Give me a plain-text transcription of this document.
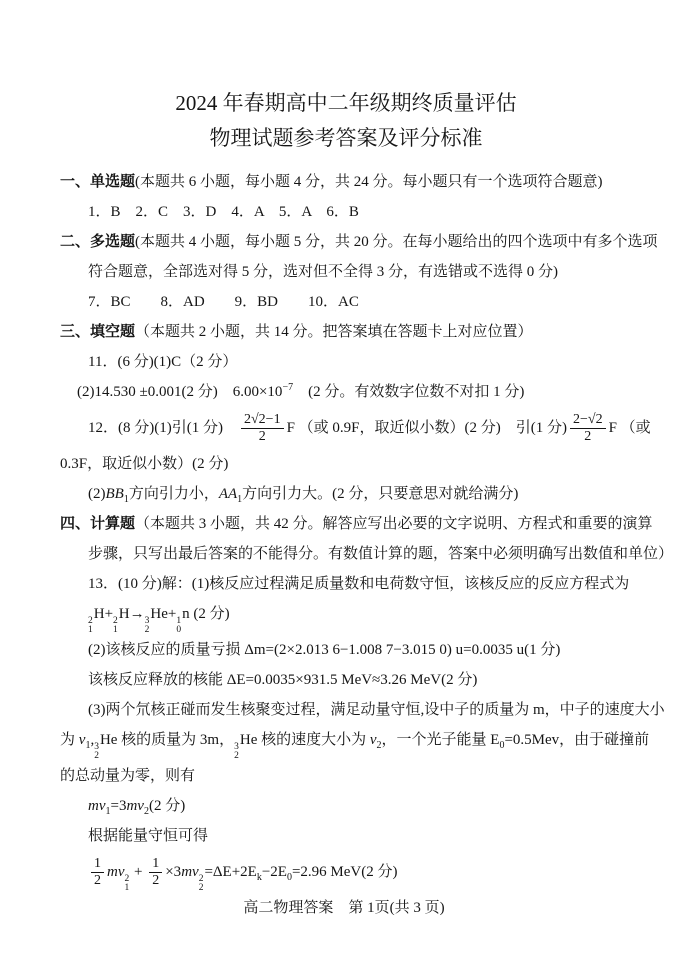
2024 年春期高中二年级期终质量评估
物理试题参考答案及评分标准
一、单选题(本题共 6 小题，每小题 4 分，共 24 分。每小题只有一个选项符合题意)
1．B　2．C　3．D　4．A　5．A　6．B
二、多选题(本题共 4 小题，每小题 5 分，共 20 分。在每小题给出的四个选项中有多个选项
符合题意，全部选对得 5 分，选对但不全得 3 分，有选错或不选得 0 分)
7．BC　　8．AD　　9．BD　　10．AC
三、填空题（本题共 2 小题，共 14 分。把答案填在答题卡上对应位置）
11．(6 分)(1)C（2 分）
(2)14.530 ±0.001(2 分)　$6.00\times 10^{-7}$　(2 分。有效数字位数不对扣 1 分)
12．(8 分)(1)引(1 分)　 $\frac{2√2-1}{2}$ F （或 0.9F，取近似小数）(2 分)　引(1 分) $\frac{2-√2}{2}$ F （或
0.3F，取近似小数）(2 分)
$(2)BB_1$方向引力小，$AA_1$方向引力大。(2 分，只要意思对就给满分)
四、计算题（本题共 3 小题，共 42 分。解答应写出必要的文字说明、方程式和重要的演算
步骤，只写出最后答案的不能得分。有数值计算的题，答案中必须明确写出数值和单位）
13．(10 分)解：(1)核反应过程满足质量数和电荷数守恒，该核反应的反应方程式为
2
1
H+ 2
1
H→ 3
2
He+ 1
0
n (2 分)
(2)该核反应的质量亏损 Δm=(2×2.013 6−1.008 7−3.015 0) u=0.0035 u(1 分)
该核反应释放的核能 ΔE=0.0035×931.5 MeV≈3.26 MeV(2 分)
(3)两个氘核正碰而发生核聚变过程，满足动量守恒,设中子的质量为 m，中子的速度大小
为 $v_1$, 3
2
He 核的质量为 3m， 3
2
He 核的速度大小为 $v_2$，一个光子能量 $E_0=0.5Mev$，由于碰撞前
的总动量为零，则有
$mv_1=3mv_2(2$ 分)
根据能量守恒可得
$\frac{1}{2}$ mv 2
1
+ $\frac{1}{2} \times 3mv$ 2
2
$=\Delta E+2E_k-2E_0=2.96$ MeV(2 分)
高二物理答案　第 1页(共 3 页)
